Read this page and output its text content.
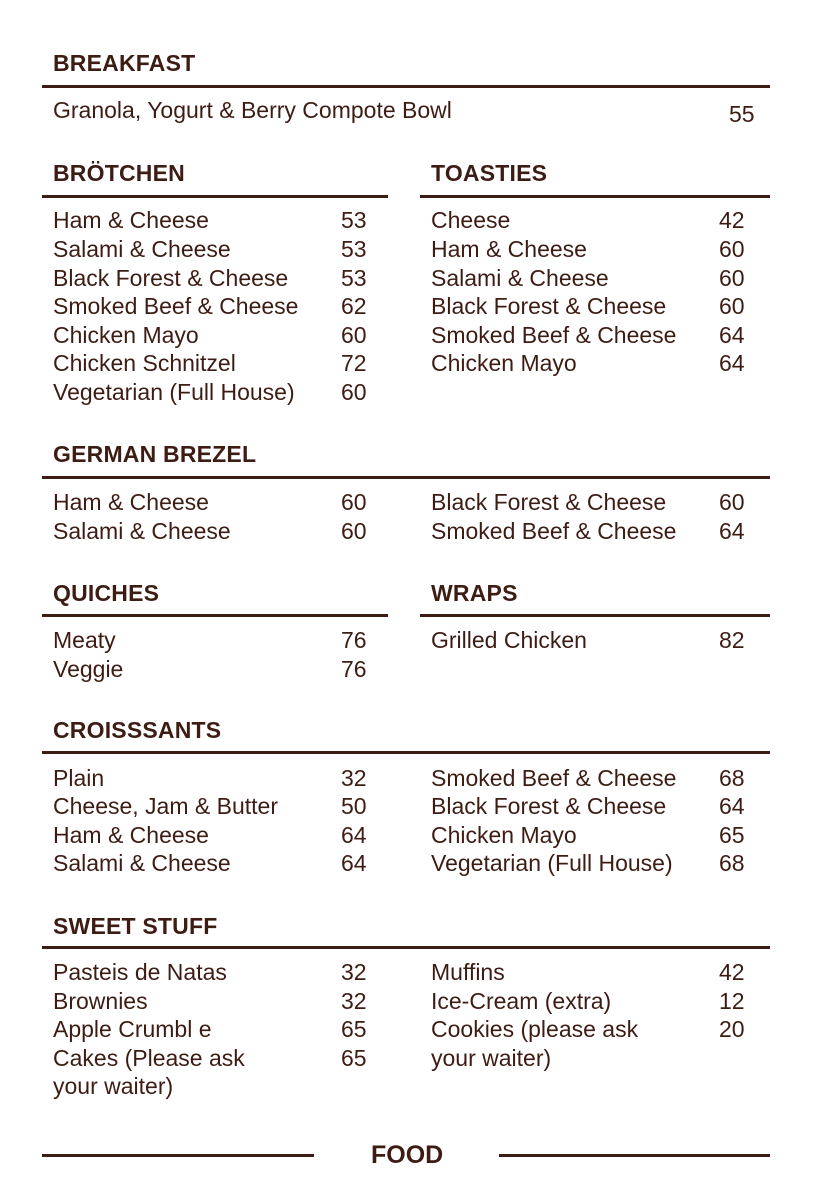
BREAKFAST
Granola, Yogurt & Berry Compote Bowl	55
BRÖTCHEN
Ham & Cheese	53
Salami & Cheese	53
Black Forest & Cheese 53
Smoked Beef & Cheese 62
Chicken Mayo	60
Chicken Schnitzel	72
Vegetarian (Full House) 60
TOASTIES
Cheese	42
Ham & Cheese	60
Salami & Cheese	60
Black Forest & Cheese 60
Smoked Beef & Cheese 64
Chicken Mayo	64
GERMAN BREZEL
Ham & Cheese	60
Salami & Cheese	60
Black Forest & Cheese 60
Smoked Beef & Cheese 64
QUICHES
Meaty	76
Veggie	76
WRAPS
Grilled Chicken	82
CROISSSANTS
Plain	32
Cheese, Jam & Butter	50
Ham & Cheese	64
Salami & Cheese	64
Smoked Beef & Cheese 68
Black Forest & Cheese 64
Chicken Mayo	65
Vegetarian (Full House) 68
SWEET STUFF
Pasteis de Natas	32
Brownies	32
Apple Crumbl e	65
Cakes (Please ask	65
your waiter)
Muffins	42
Ice-Cream (extra)	12
Cookies (please ask	20
your waiter)
FOOD
